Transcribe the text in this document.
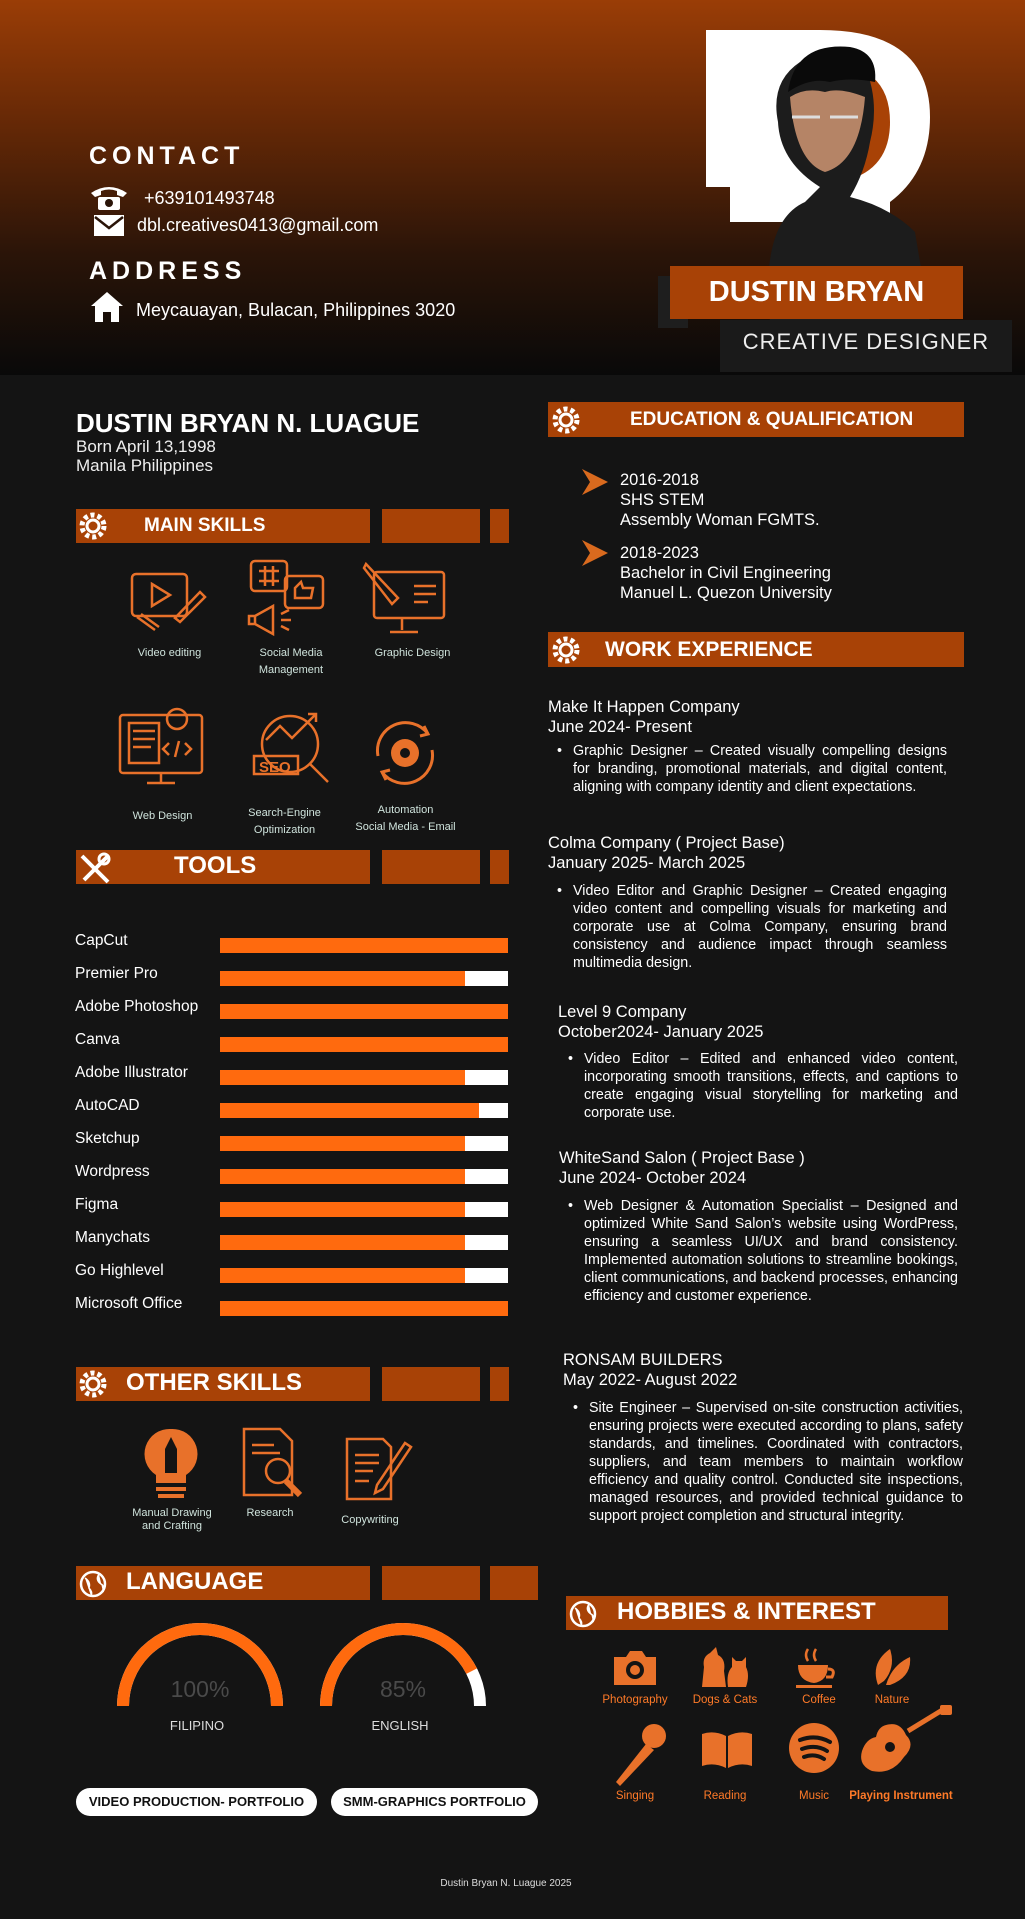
CONTACT
+639101493748
dbl.creatives0413@gmail.com
ADDRESS
Meycauayan, Bulacan, Philippines 3020
DUSTIN BRYAN
CREATIVE DESIGNER
DUSTIN BRYAN N. LUAGUE
Born April 13,1998
Manila Philippines
MAIN SKILLS
Video editing	Social Media
Management
Graphic Design
SEO
Web Design	Search-Engine
Optimization
Automation
Social Media - Email
TOOLS
CapCut
Premier Pro
Adobe Photoshop
Canva
Adobe Illustrator
AutoCAD
Sketchup
Wordpress
Figma
Manychats
Go Highlevel
Microsoft Office
OTHER SKILLS
Manual Drawing
and Crafting
Research
Copywriting
LANGUAGE
100%
FILIPINO
85%
ENGLISH
VIDEO PRODUCTION- PORTFOLIO	SMM-GRAPHICS PORTFOLIO
EDUCATION & QUALIFICATION
2016-2018
SHS STEM
Assembly Woman FGMTS.
2018-2023
Bachelor in Civil Engineering
Manuel L. Quezon University
WORK EXPERIENCE
Make It Happen Company
June 2024- Present
• Graphic Designer – Created visually compelling designs for branding, promotional materials, and digital content, aligning with company identity and client expectations.
Colma Company ( Project Base)
January 2025- March 2025
• Video Editor and Graphic Designer – Created engaging video content and compelling visuals for marketing and corporate use at Colma Company, ensuring brand consistency and audience impact through seamless multimedia design.
Level 9 Company
October2024- January 2025
• Video Editor – Edited and enhanced video content, incorporating smooth transitions, effects, and captions to create engaging visual storytelling for marketing and corporate use.
WhiteSand Salon ( Project Base )
June 2024- October 2024
• Web Designer & Automation Specialist – Designed and optimized White Sand Salon’s website using WordPress, ensuring a seamless UI/UX and brand consistency. Implemented automation solutions to streamline bookings, client communications, and backend processes, enhancing efficiency and customer experience.
RONSAM BUILDERS
May 2022- August 2022
• Site Engineer – Supervised on-site construction activities, ensuring projects were executed according to plans, safety standards, and timelines. Coordinated with contractors, suppliers, and team members to maintain workflow efficiency and quality control. Conducted site inspections, managed resources, and provided technical guidance to support project completion and structural integrity.
HOBBIES & INTEREST
Photography	Dogs & Cats	Coffee	Nature
Singing	Reading	Music	Playing Instrument
Dustin Bryan N. Luague 2025
